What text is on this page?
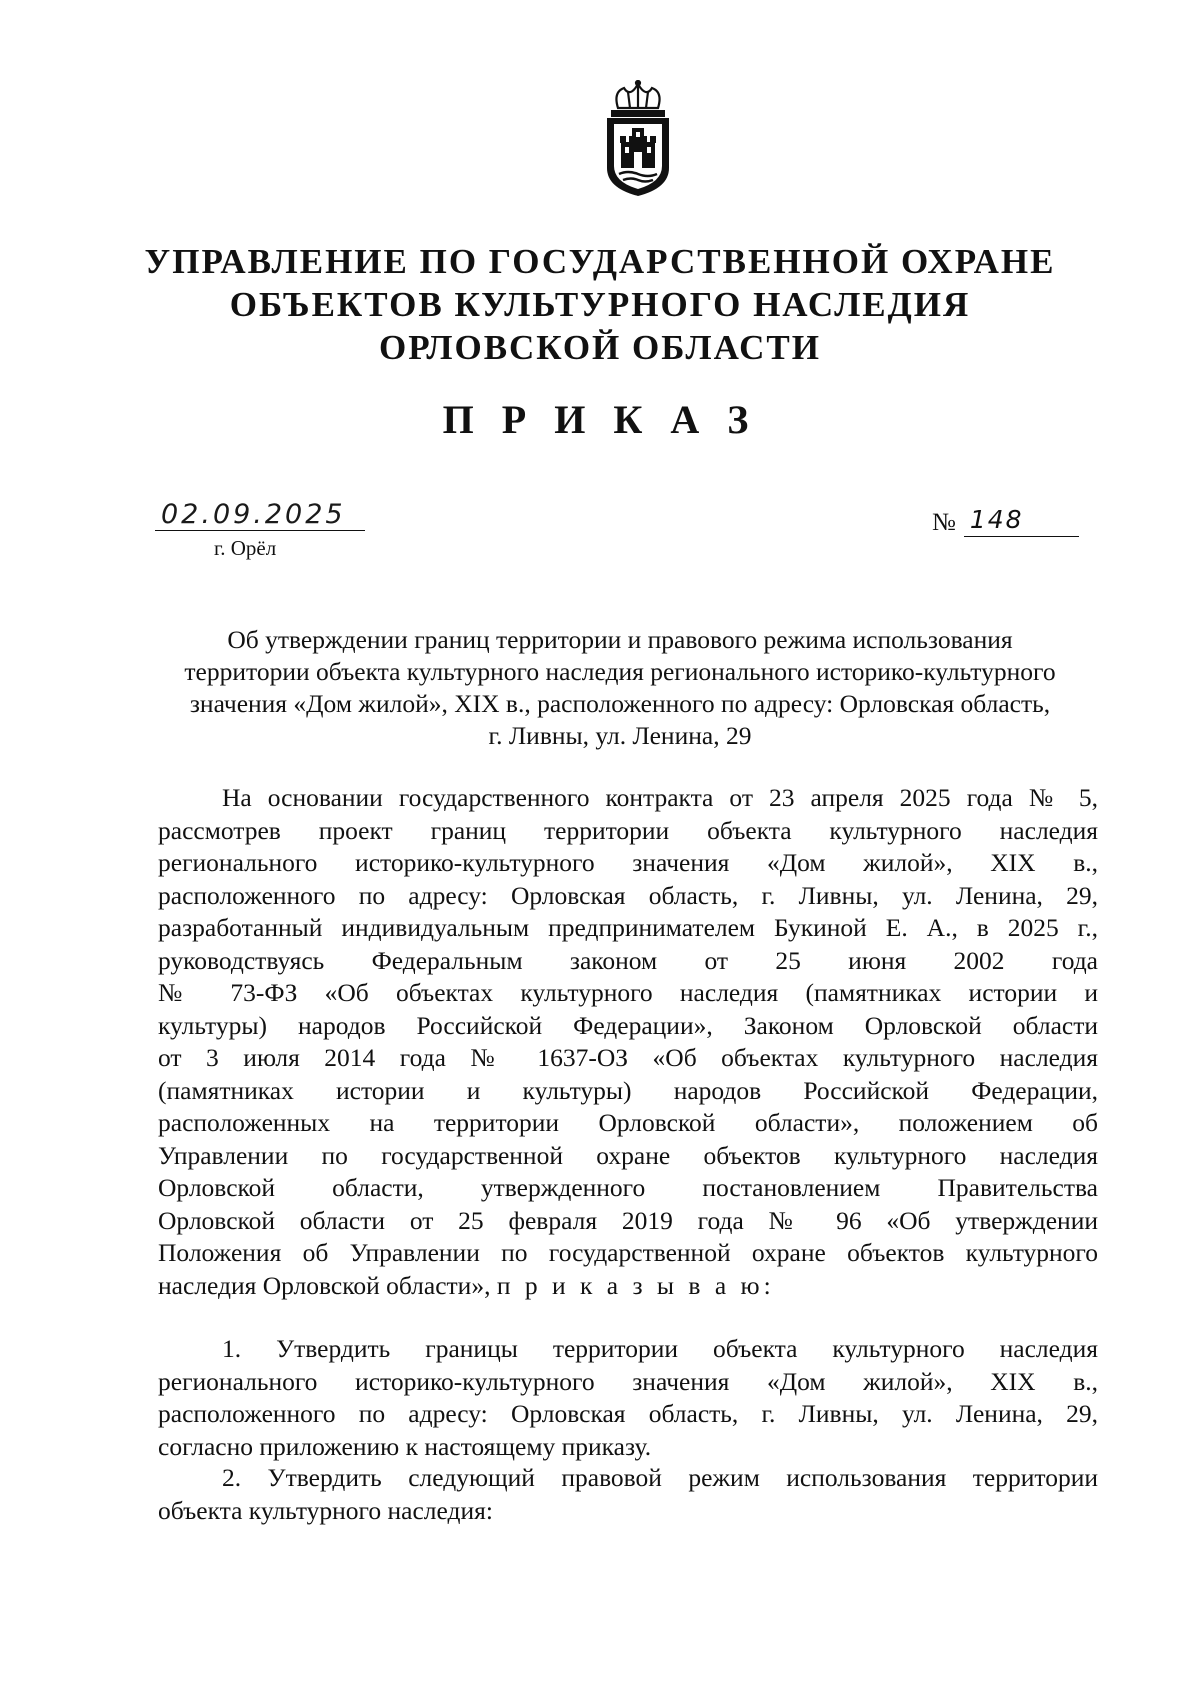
УПРАВЛЕНИЕ ПО ГОСУДАРСТВЕННОЙ ОХРАНЕ
ОБЪЕКТОВ КУЛЬТУРНОГО НАСЛЕДИЯ
ОРЛОВСКОЙ ОБЛАСТИ
П Р И К А З
02.09.2025
г. Орёл
№ 148
Об утверждении границ территории и правового режима использования
территории объекта культурного наследия регионального историко-культурного
значения «Дом жилой», XIX в., расположенного по адресу: Орловская область,
г. Ливны, ул. Ленина, 29
На основании государственного контракта от 23 апреля 2025 года № 5,
рассмотрев проект границ территории объекта культурного наследия
регионального историко-культурного значения «Дом жилой», XIX в.,
расположенного по адресу: Орловская область, г. Ливны, ул. Ленина, 29,
разработанный индивидуальным предпринимателем Букиной Е. А., в 2025 г.,
руководствуясь Федеральным законом от 25 июня 2002 года
№ 73-ФЗ «Об объектах культурного наследия (памятниках истории и
культуры) народов Российской Федерации», Законом Орловской области
от 3 июля 2014 года № 1637-ОЗ «Об объектах культурного наследия
(памятниках истории и культуры) народов Российской Федерации,
расположенных на территории Орловской области», положением об
Управлении по государственной охране объектов культурного наследия
Орловской области, утвержденного постановлением Правительства
Орловской области от 25 февраля 2019 года № 96 «Об утверждении
Положения об Управлении по государственной охране объектов культурного
наследия Орловской области», п р и к а з ы в а ю:
1. Утвердить границы территории объекта культурного наследия
регионального историко-культурного значения «Дом жилой», XIX в.,
расположенного по адресу: Орловская область, г. Ливны, ул. Ленина, 29,
согласно приложению к настоящему приказу.
2. Утвердить следующий правовой режим использования территории
объекта культурного наследия:
